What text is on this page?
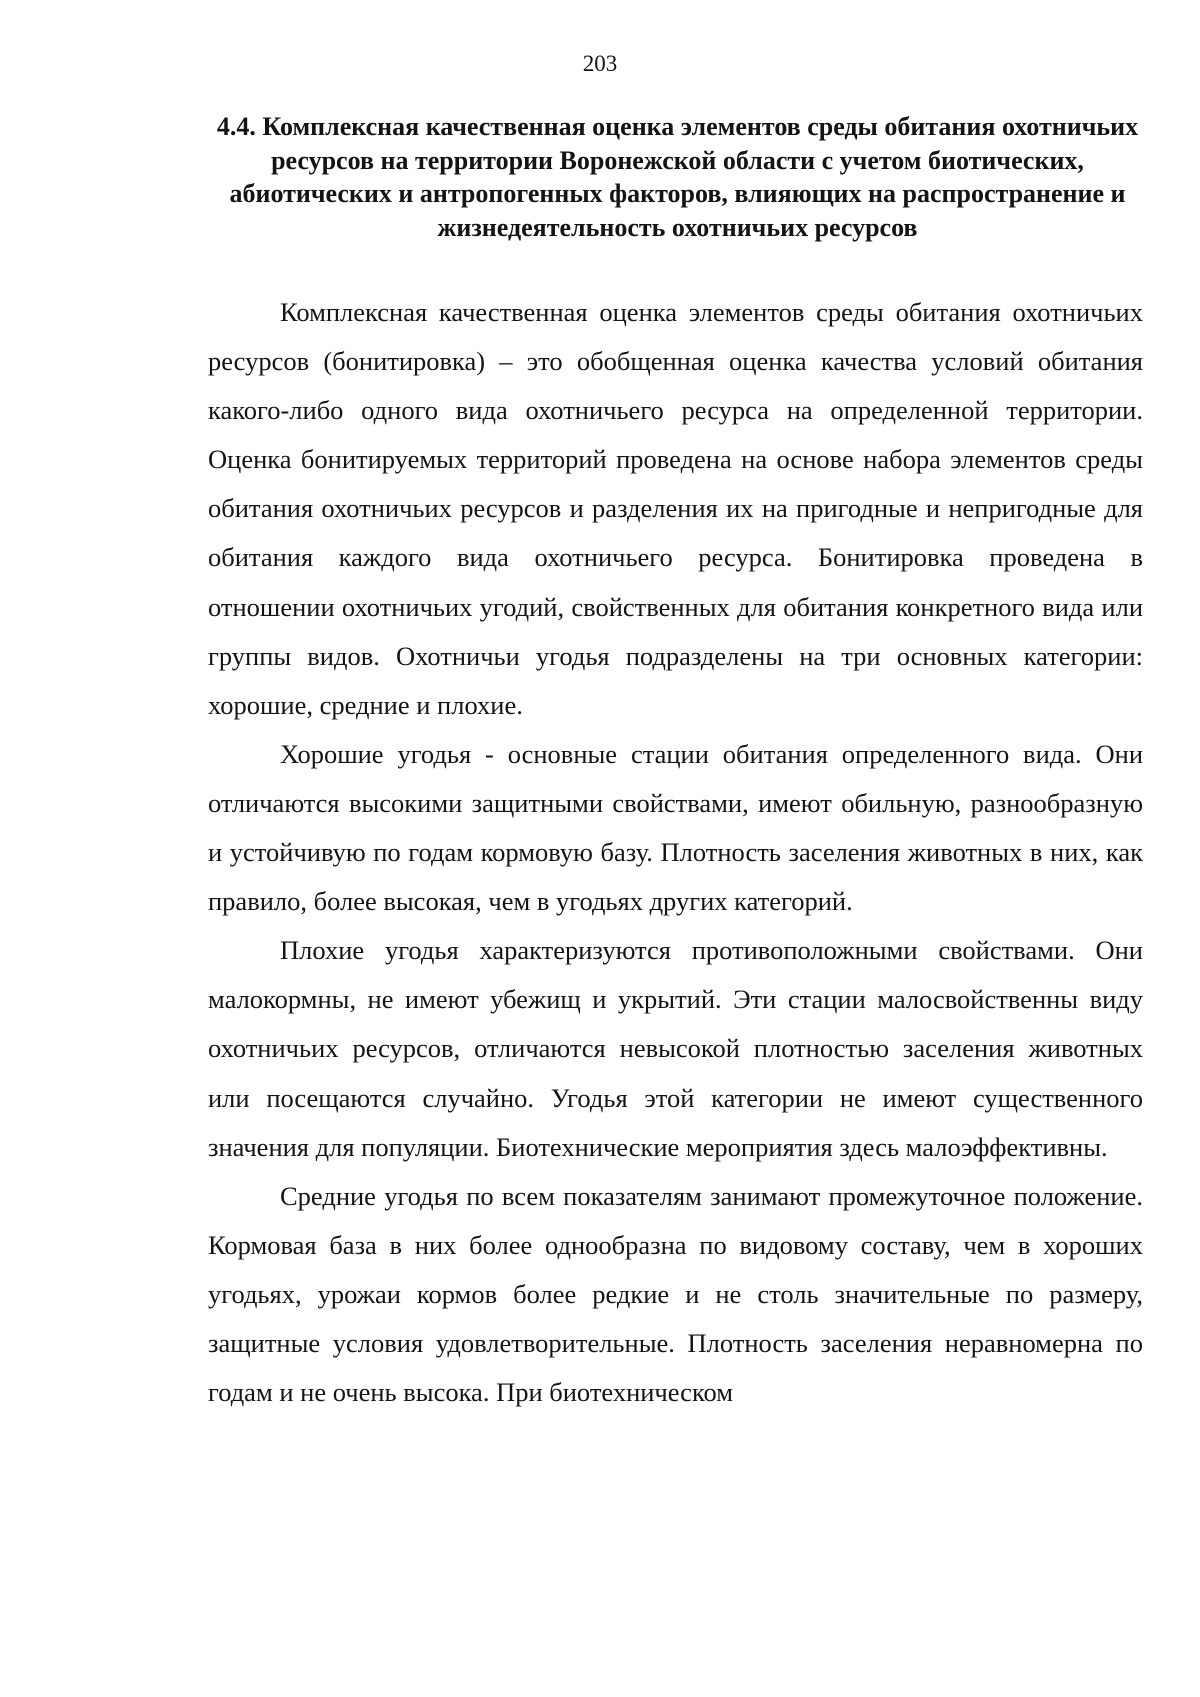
203
4.4. Комплексная качественная оценка элементов среды обитания охотничьих ресурсов на территории Воронежской области с учетом биотических, абиотических и антропогенных факторов, влияющих на распространение и жизнедеятельность охотничьих ресурсов

Комплексная качественная оценка элементов среды обитания охотничьих ресурсов (бонитировка) – это обобщенная оценка качества условий обитания какого-либо одного вида охотничьего ресурса на определенной территории. Оценка бонитируемых территорий проведена на основе набора элементов среды обитания охотничьих ресурсов и разделения их на пригодные и непригодные для обитания каждого вида охотничьего ресурса. Бонитировка проведена в отношении охотничьих угодий, свойственных для обитания конкретного вида или группы видов. Охотничьи угодья подразделены на три основных категории: хорошие, средние и плохие.

Хорошие угодья - основные стации обитания определенного вида. Они отличаются высокими защитными свойствами, имеют обильную, разнообразную и устойчивую по годам кормовую базу. Плотность заселения животных в них, как правило, более высокая, чем в угодьях других категорий.

Плохие угодья характеризуются противоположными свойствами. Они малокормны, не имеют убежищ и укрытий. Эти стации малосвойственны виду охотничьих ресурсов, отличаются невысокой плотностью заселения животных или посещаются случайно. Угодья этой категории не имеют существенного значения для популяции. Биотехнические мероприятия здесь малоэффективны.

Средние угодья по всем показателям занимают промежуточное положение. Кормовая база в них более однообразна по видовому составу, чем в хороших угодьях, урожаи кормов более редкие и не столь значительные по размеру, защитные условия удовлетворительные. Плотность заселения неравномерна по годам и не очень высока. При биотехническом
